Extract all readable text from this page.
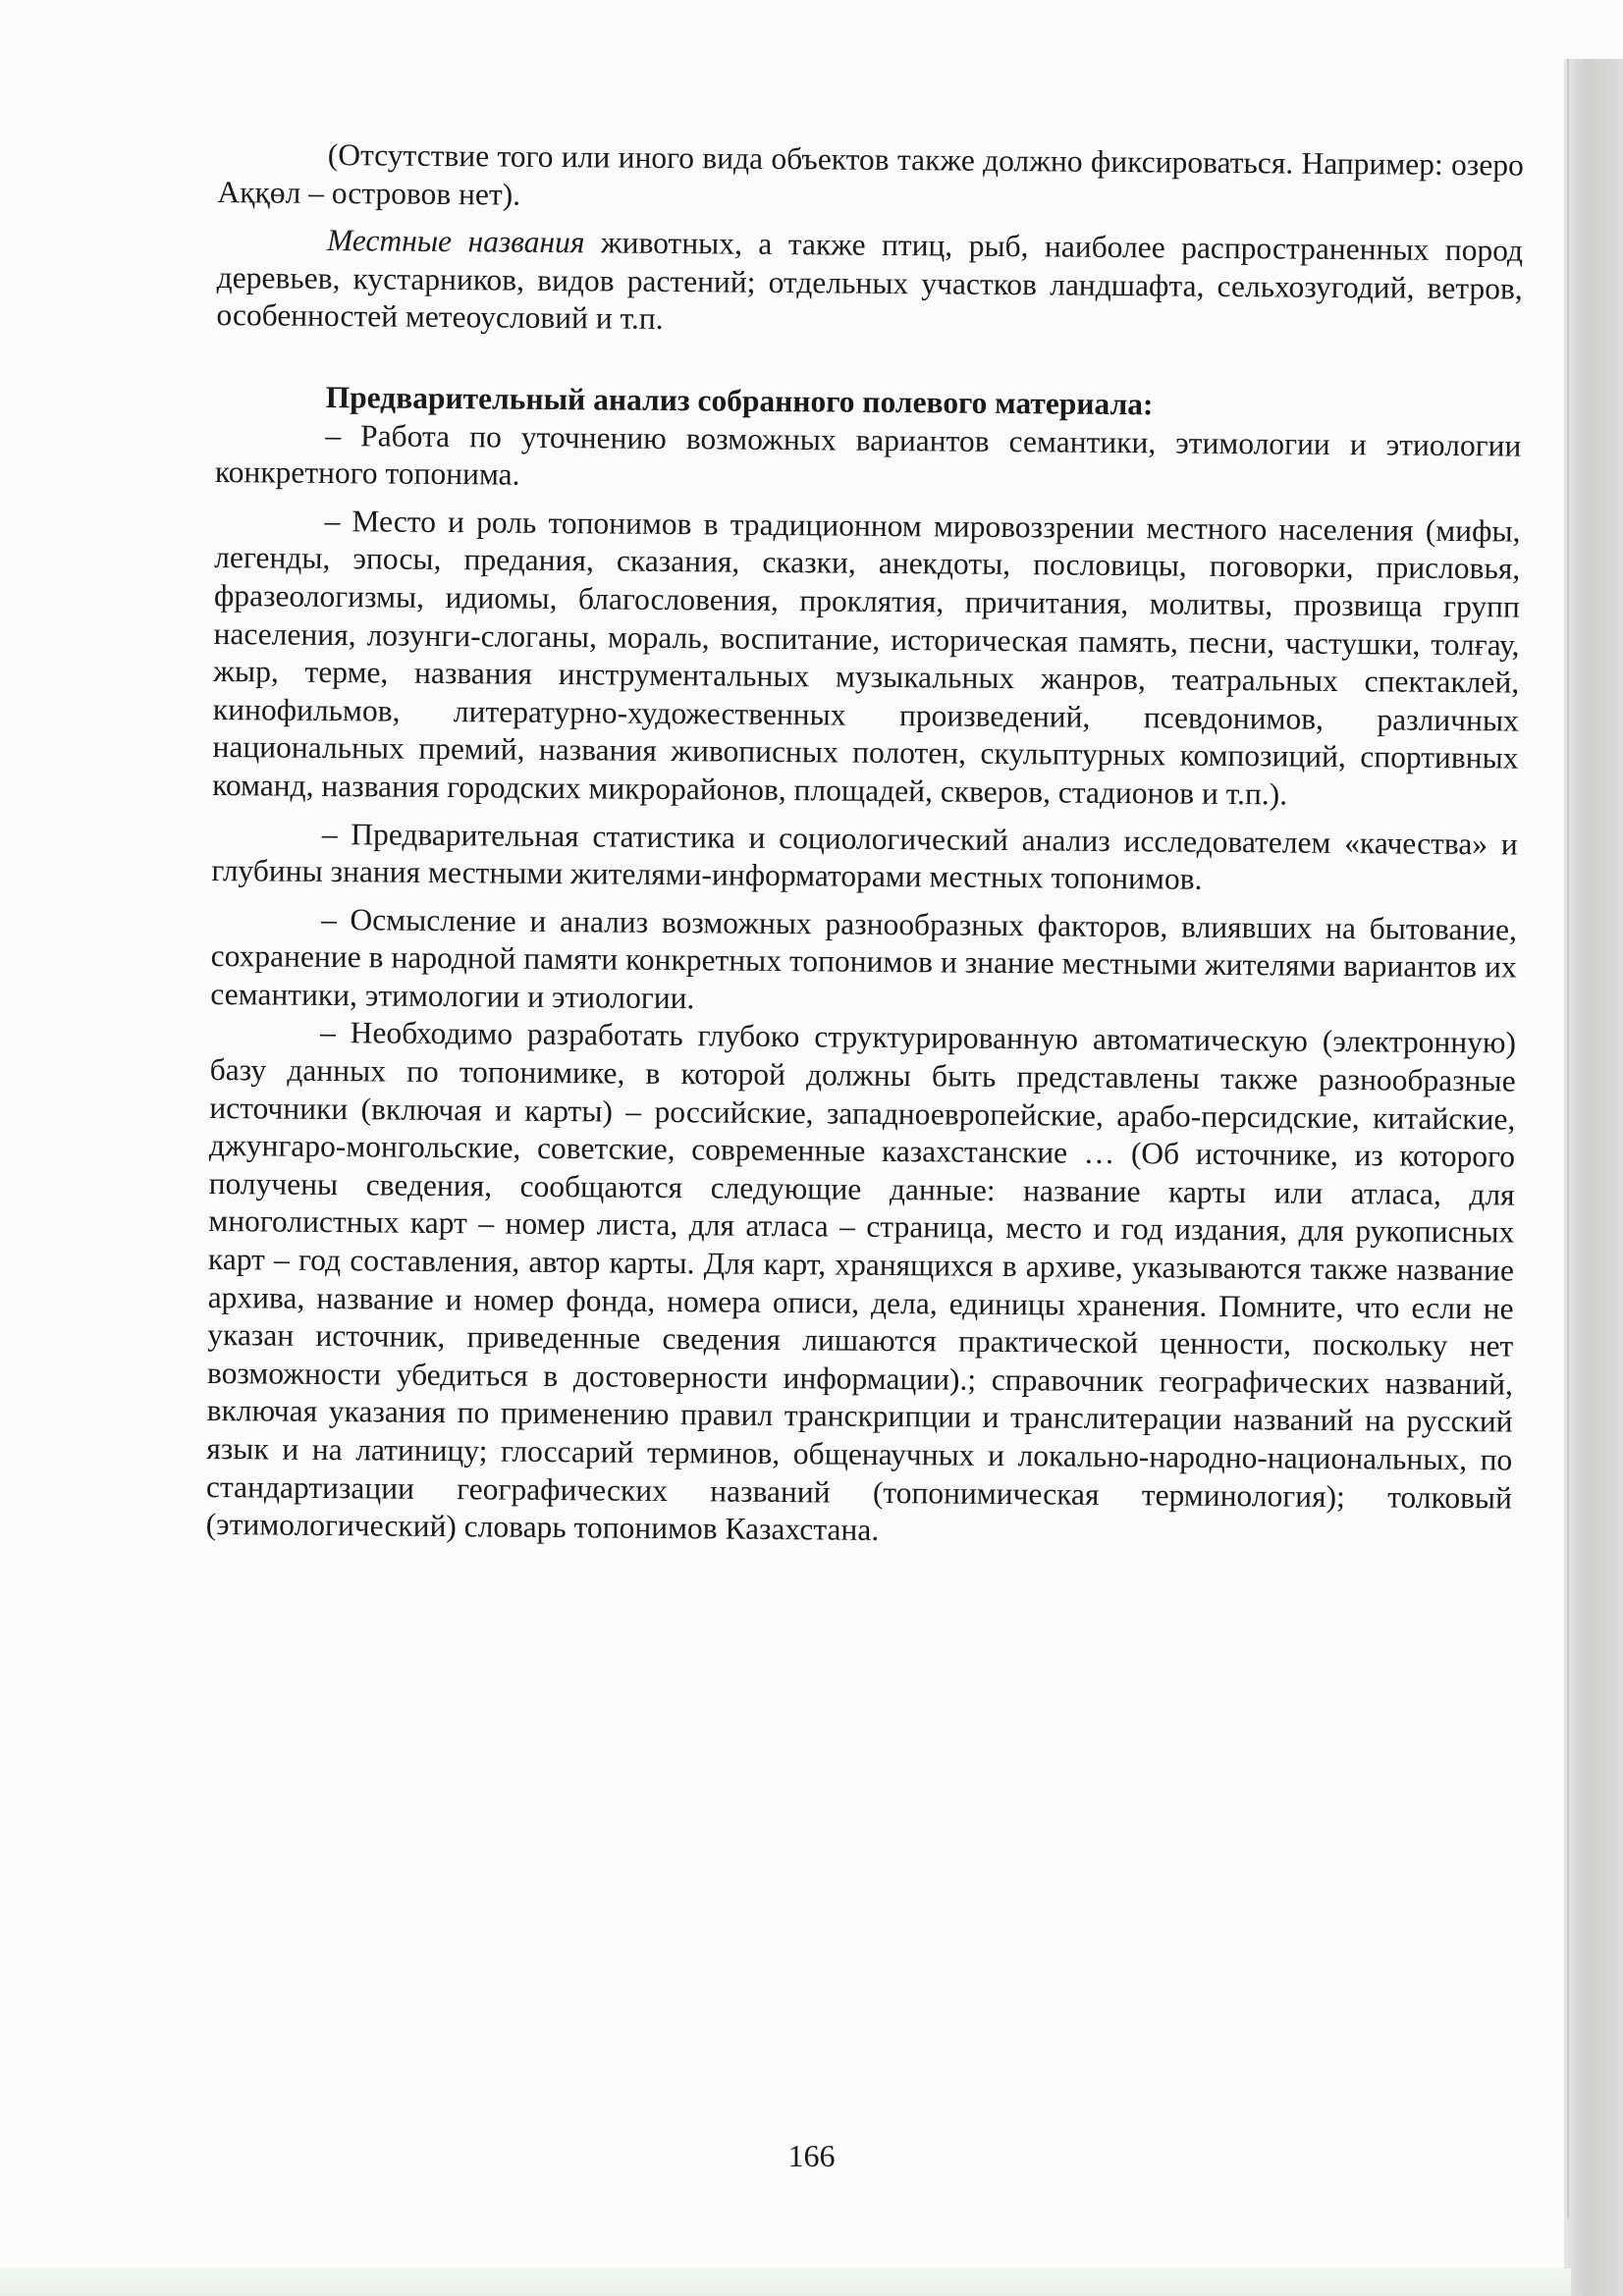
(Отсутствие того или иного вида объектов также должно фиксироваться. Например: озеро Аққөл – островов нет).

Местные названия животных, а также птиц, рыб, наиболее распространенных пород деревьев, кустарников, видов растений; отдельных участков ландшафта, сельхозугодий, ветров, особенностей метеоусловий и т.п.

Предварительный анализ собранного полевого материала:

– Работа по уточнению возможных вариантов семантики, этимологии и этиологии конкретного топонима.

– Место и роль топонимов в традиционном мировоззрении местного населения (мифы, легенды, эпосы, предания, сказания, сказки, анекдоты, пословицы, поговорки, присловья, фразеологизмы, идиомы, благословения, проклятия, причитания, молитвы, прозвища групп населения, лозунги-слоганы, мораль, воспитание, историческая память, песни, частушки, толғау, жыр, терме, названия инструментальных музыкальных жанров, театральных спектаклей, кинофильмов, литературно-художественных произведений, псевдонимов, различных национальных премий, названия живописных полотен, скульптурных композиций, спортивных команд, названия городских микрорайонов, площадей, скверов, стадионов и т.п.).

– Предварительная статистика и социологический анализ исследователем «качества» и глубины знания местными жителями-информаторами местных топонимов.

– Осмысление и анализ возможных разнообразных факторов, влиявших на бытование, сохранение в народной памяти конкретных топонимов и знание местными жителями вариантов их семантики, этимологии и этиологии.

– Необходимо разработать глубоко структурированную автоматическую (электронную) базу данных по топонимике, в которой должны быть представлены также разнообразные источники (включая и карты) – российские, западноевропейские, арабо-персидские, китайские, джунгаро-монгольские, советские, современные казахстанские … (Об источнике, из которого получены сведения, сообщаются следующие данные: название карты или атласа, для многолистных карт – номер листа, для атласа – страница, место и год издания, для рукописных карт – год составления, автор карты. Для карт, хранящихся в архиве, указываются также название архива, название и номер фонда, номера описи, дела, единицы хранения. Помните, что если не указан источник, приведенные сведения лишаются практической ценности, поскольку нет возможности убедиться в достоверности информации).; справочник географических названий, включая указания по применению правил транскрипции и транслитерации названий на русский язык и на латиницу; глоссарий терминов, общенаучных и локально-народно-национальных, по стандартизации географических названий (топонимическая терминология); толковый (этимологический) словарь топонимов Казахстана.

166
